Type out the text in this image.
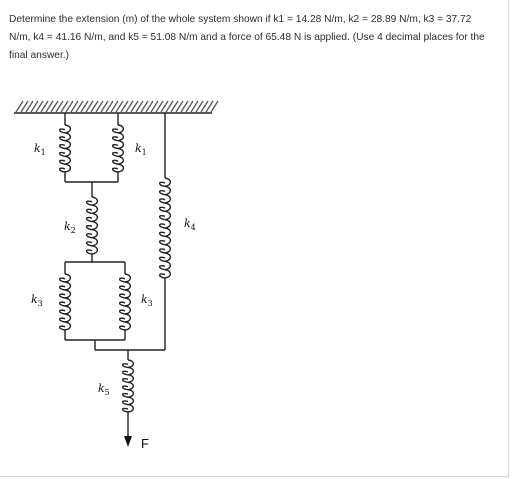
Determine the extension (m) of the whole system shown if k1 = 14.28 N/m, k2 = 28.89 N/m, k3 = 37.72 N/m, k4 = 41.16 N/m, and k5 = 51.08 N/m and a force of 65.48 N is applied. (Use 4 decimal places for the final answer.)

F
$k_1$	$k_1$
$k_2$
$k_4$
$k_3$	$k_3$
$k_5$
